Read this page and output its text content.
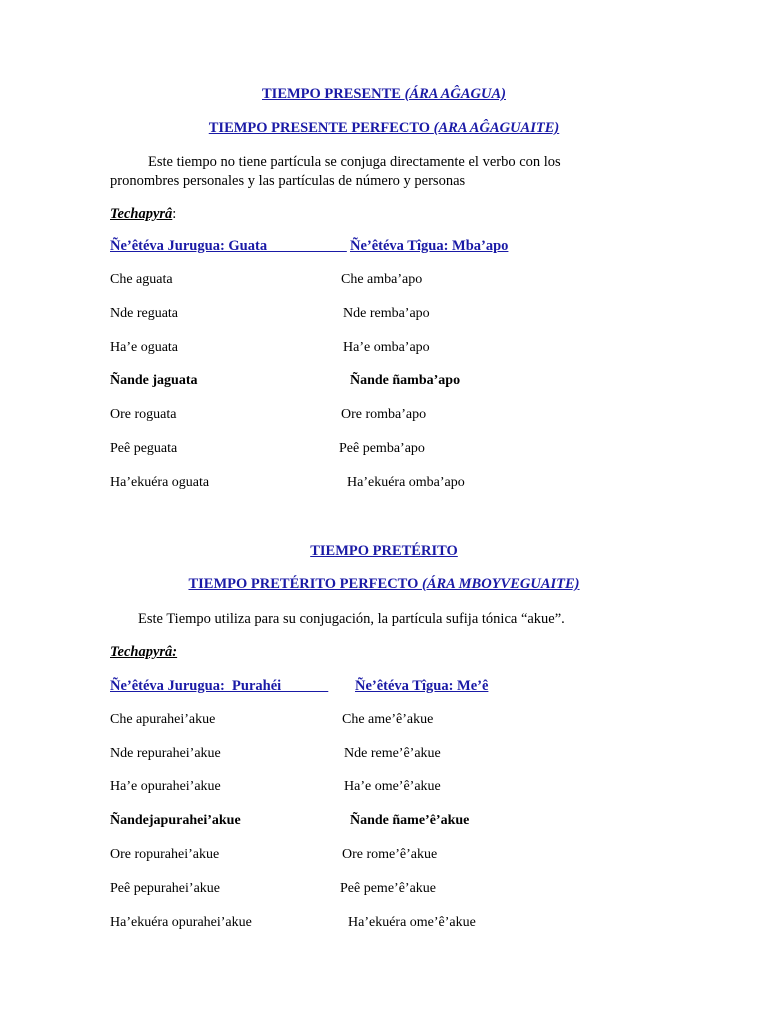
TIEMPO PRESENTE (ÁRA AĜAGUA)
TIEMPO PRESENTE PERFECTO (ARA AĜAGUAITE)
Este tiempo no tiene partícula se conjuga directamente el verbo con los
pronombres personales y las partículas de número y personas
Techapyrâ:
Ñe’êtéva Jurugua: Guata Ñe’êtéva Tîgua: Mba’apo
Che aguata	Che amba’apo
Nde reguata	Nde remba’apo
Ha’e oguata	Ha’e omba’apo
Ñande jaguata	Ñande ñamba’apo
Ore roguata	Ore romba’apo
Peê peguata	Peê pemba’apo
Ha’ekuéra oguata	Ha’ekuéra omba’apo
TIEMPO PRETÉRITO
TIEMPO PRETÉRITO PERFECTO (ÁRA MBOYVEGUAITE)
Este Tiempo utiliza para su conjugación, la partícula sufija tónica “akue”.
Techapyrâ:
Ñe’êtéva Jurugua:  Purahéi Ñe’êtéva Tîgua: Me’ê
Che apurahei’akue	Che ame’ê’akue
Nde repurahei’akue	Nde reme’ê’akue
Ha’e opurahei’akue	Ha’e ome’ê’akue
Ñandejapurahei’akue	Ñande ñame’ê’akue
Ore ropurahei’akue	Ore rome’ê’akue
Peê pepurahei’akue	Peê peme’ê’akue
Ha’ekuéra opurahei’akue	Ha’ekuéra ome’ê’akue
